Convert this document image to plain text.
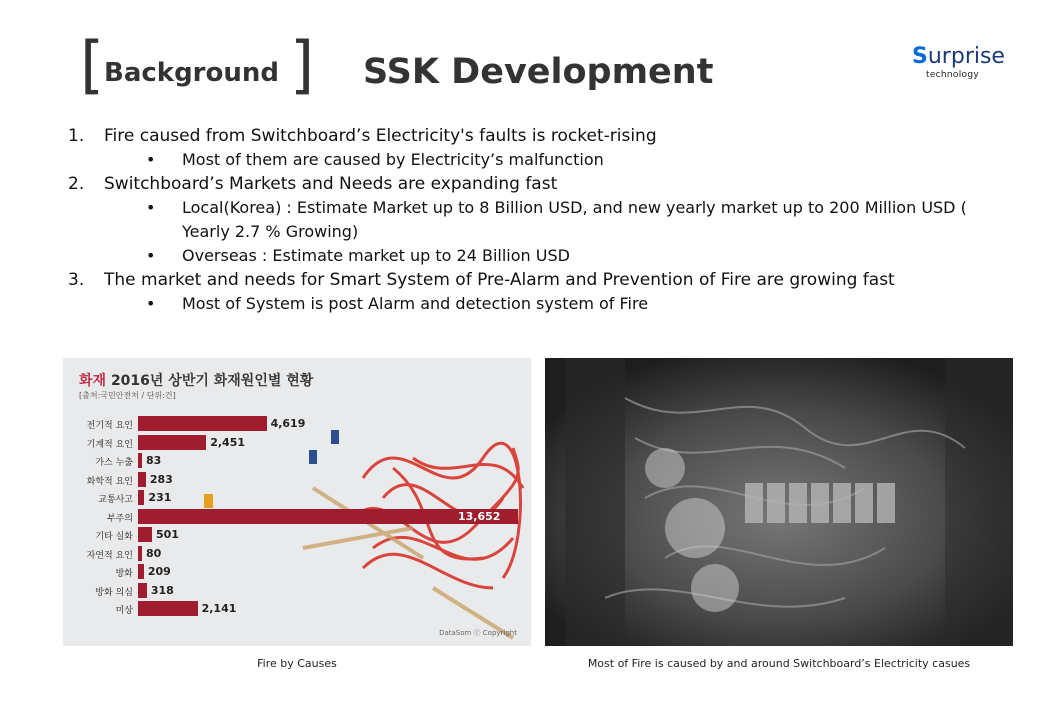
[ Background ] SSK Development	Surprise
technology
1. Fire caused from Switchboard’s Electricity's faults is rocket-rising
• Most of them are caused by Electricity’s malfunction
2. Switchboard’s Markets and Needs are expanding fast
• Local(Korea) : Estimate Market up to 8 Billion USD, and new yearly market up to 200 Million USD ( Yearly 2.7 % Growing)
• Overseas : Estimate market up to 24 Billion USD
3. The market and needs for Smart System of Pre-Alarm and Prevention of Fire are growing fast
• Most of System is post Alarm and detection system of Fire
화재 2016년 상반기 화재원인별 현황
[출처:국민안전처 / 단위:건]
전기적 요인	4,619
기계적 요인	2,451
가스 누출 83
화학적 요인 283
교통사고 231
부주의	13,652
기타 실화 501
자연적 요인 80
방화 209
방화 의심 318
미상	2,141
DataSom ⓒ Copyright
Fire by Causes	Most of Fire is caused by and around Switchboard’s Electricity casues
